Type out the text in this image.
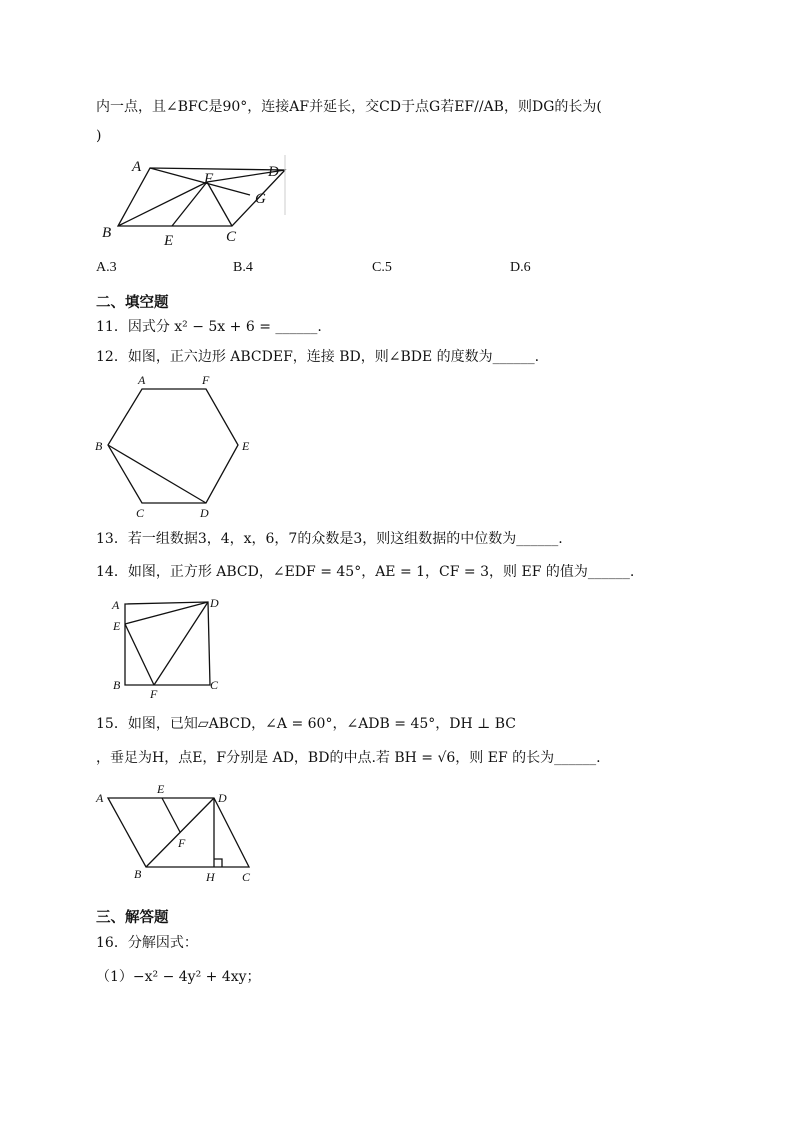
内一点，且∠BFC是90°，连接AF并延长，交CD于点G若EF//AB，则DG的长为(
)
A	D
F
G
B	E	C
A.3	B.4	C.5	D.6
二、填空题
11．因式分 x² − 5x + 6 = ______.
12．如图，正六边形 ABCDEF，连接 BD，则∠BDE 的度数为______.
A	F
B	E
C	D
13．若一组数据3，4，x，6，7的众数是3，则这组数据的中位数为______.
14．如图，正方形 ABCD，∠EDF = 45°，AE = 1，CF = 3，则 EF 的值为______.
A	D
E
B
F
C
15．如图，已知▱ABCD，∠A = 60°，∠ADB = 45°，DH ⊥ BC
，垂足为H，点E，F分别是 AD，BD的中点.若 BH = √6，则 EF 的长为______.
A
E
D
F
B	H C
三、解答题
16．分解因式：
（1）−x² − 4y² + 4xy；
